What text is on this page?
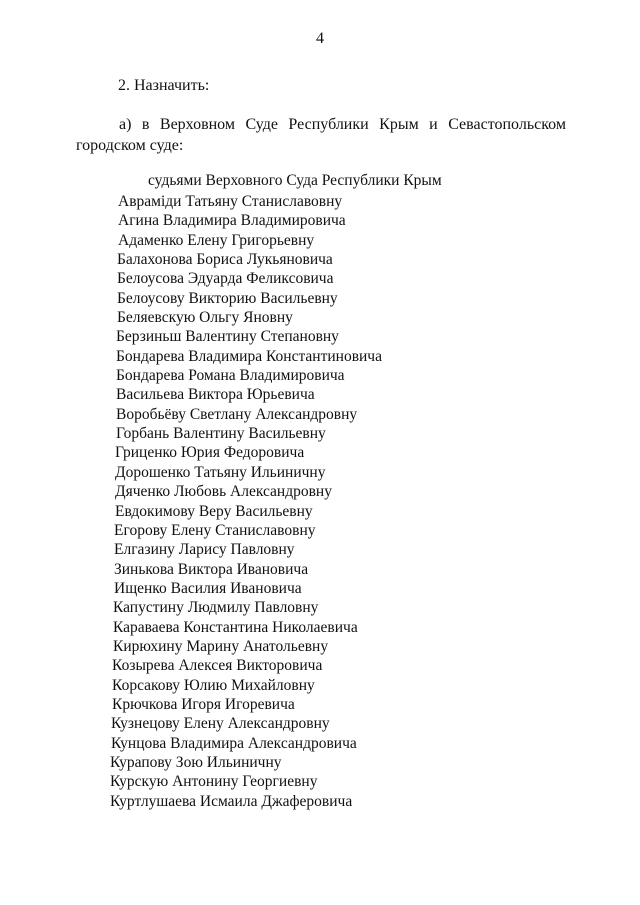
4
2. Назначить:
а) в Верховном Суде Республики Крым и Севастопольском
городском суде:
судьями Верховного Суда Республики Крым
Авраміди Татьяну Станиславовну
Агина Владимира Владимировича
Адаменко Елену Григорьевну
Балахонова Бориса Лукьяновича
Белоусова Эдуарда Феликсовича
Белоусову Викторию Васильевну
Беляевскую Ольгу Яновну
Берзиньш Валентину Степановну
Бондарева Владимира Константиновича
Бондарева Романа Владимировича
Васильева Виктора Юрьевича
Воробьёву Светлану Александровну
Горбань Валентину Васильевну
Гриценко Юрия Федоровича
Дорошенко Татьяну Ильиничну
Дяченко Любовь Александровну
Евдокимову Веру Васильевну
Егорову Елену Станиславовну
Елгазину Ларису Павловну
Зинькова Виктора Ивановича
Ищенко Василия Ивановича
Капустину Людмилу Павловну
Караваева Константина Николаевича
Кирюхину Марину Анатольевну
Козырева Алексея Викторовича
Корсакову Юлию Михайловну
Крючкова Игоря Игоревича
Кузнецову Елену Александровну
Кунцова Владимира Александровича
Курапову Зою Ильиничну
Курскую Антонину Георгиевну
Куртлушаева Исмаила Джаферовича
